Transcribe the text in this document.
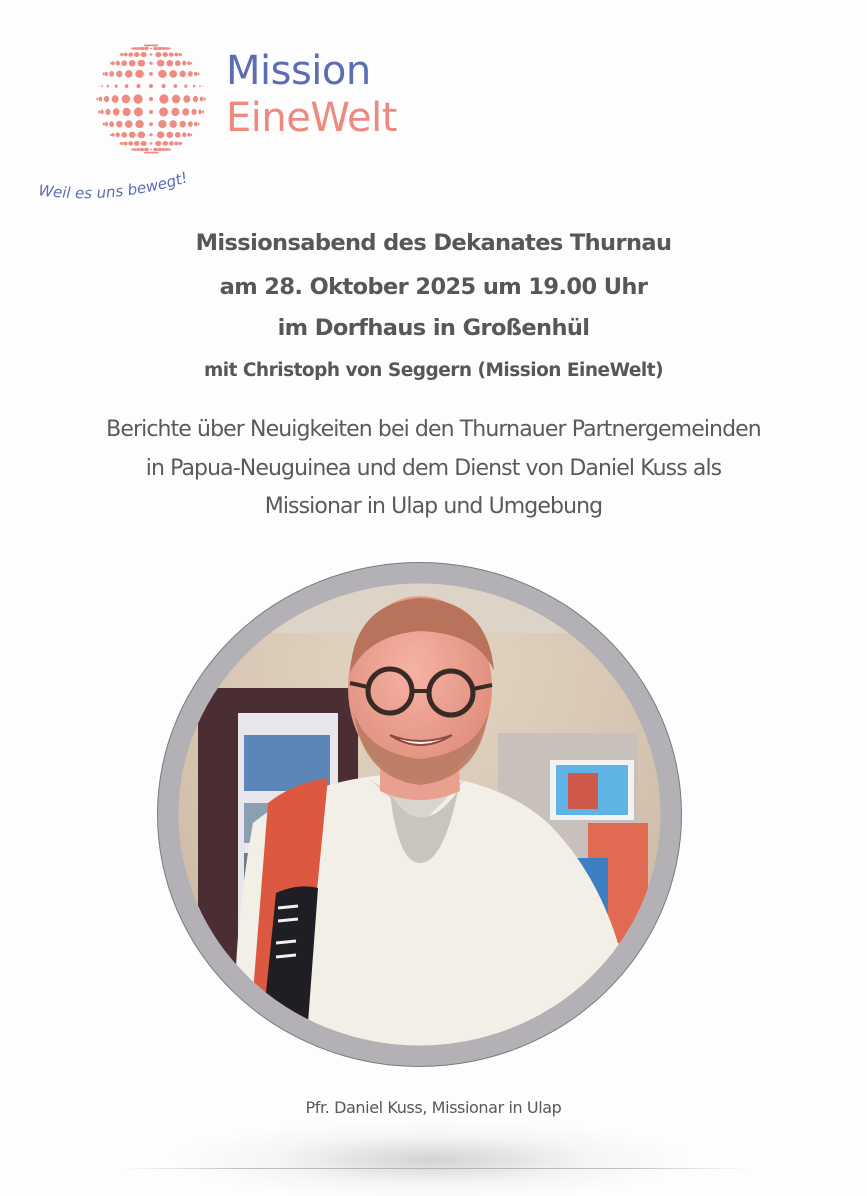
Mission
EineWelt
Weil es uns bewegt!
Missionsabend des Dekanates Thurnau
am 28. Oktober 2025 um 19.00 Uhr
im Dorfhaus in Großenhül
mit Christoph von Seggern (Mission EineWelt)
Berichte über Neuigkeiten bei den Thurnauer Partnergemeinden
in Papua-Neuguinea und dem Dienst von Daniel Kuss als
Missionar in Ulap und Umgebung
Pfr. Daniel Kuss, Missionar in Ulap
